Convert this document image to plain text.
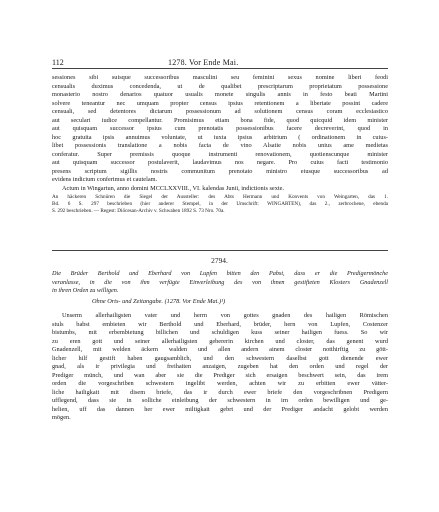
112	1278. Vor Ende Mai.
sessiones sibi suisque successoribus masculini seu feminini sexus nomine liberi feodi
censualis duximus concedenda, ut de qualibet prescriptarum proprietatum possessione
monasterio nostro denarios quatuor usualis monete singulis annis in festo beati Martini
solvere teneantur nec umquam propter census ipsius retentionem a libertate possint cadere
censuali, sed detentores dictarum possessionum ad solutionem census coram ecclesiastico
aut seculari iudice compellantur. Promisimus etiam bona fide, quod quicquid idem minister
aut quisquam successor ipsius cum prenotatis possessionibus facere decreverint, quod in
hoc gratuita ipsis annuimus voluntate, ut iuxta ipsius arbitrium ( ordinationem in cuius-
libet possessionis translatione a nobis facta de vino Alsatie nobis unius ame medietas
conferatur. Super premissis quoque instrumenti renovationem, quotienscunque minister
aut quisquam successor postulaverit, laudavimus nos negare. Pro cuius facti testimonio
presens scriptum sigillis nostris communitum prenotato ministro eiusque successoribus ad
evidens indicium conferimus et cautelam.
Actum in Wingartun, anno domini MCCLXXVIII., VI. kalendas Junii, indictionis sexte.
An häckeren Schnüren die Siegel der Aussteller: des Abts Hermann und Konvents von Weingarten, das 1.
Bd. 6 S. 297 beschrieben (hier anderer Stempel, in der Umschrift: WINGARTEN), das 2., zerbrochene, ebenda
S. 292 beschrieben. — Regest: Diöcesan-Archiv v. Schwaben 1892 S. 73 Nro. 70a.
2794.
Die Brüder Berthold und Eberhard von Lupfen bitten den Pabst, dass er die Predigermönche
veranlasse, in die von ihm verfügte Einverleibung des von ihnen gestifteten Klosters Gnadenzell
in ihren Orden zu willigen.
Ohne Orts- und Zeitangabe. (1278. Vor Ende Mai.)¹)
Unserm allerhailigsten vater und herrn von gottes gnaden des hailigen Römischen
stuls babst embieten wir Berthold und Eberhard, brüder, hern von Lupfen, Costenzer
bistumbs, mit erbembietung billichen und schuldigen kuss seiner hailigen fuess. So wir
zu eren gott und seiner allerhailigsten gebererin kirchen und closter, das genent wurd
Gnadenzell, mit welden äckern walden und allen andern ainem closter notthirftig zu gött-
licher hilf gestift haben gaugsamblich, und den schwestern daselbst gott dienende ewer
gnad, als ir privilegia und freihaiten anzaigen, zugeben hat den orden und regel der
Prediger münch, und wan aber sie die Prediger sich ersaigen beschwert sein, das irem
orden die vorgeschriben schwestern ingelibt werden, achten wir zu erbitten ewer vätter-
liche hailigkait mit disem briefe, das ir durch ewer briefe den vorgeschribnen Predigern
ufflegend, dass sie in solliche einleibung der schwestern in irn orden bewilligen und ge-
helien, uff das dannen her ewer miltigkait gebrt und der Prediger andacht gelobt werden
mögen.
